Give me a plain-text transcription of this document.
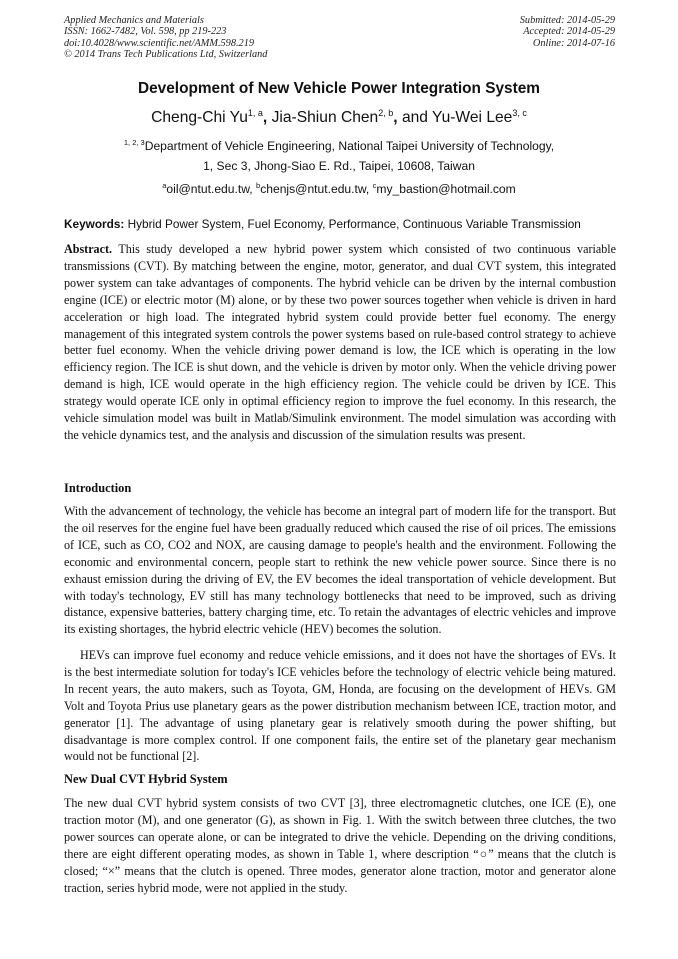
Applied Mechanics and Materials
ISSN: 1662-7482, Vol. 598, pp 219-223
doi:10.4028/www.scientific.net/AMM.598.219
© 2014 Trans Tech Publications Ltd, Switzerland
Submitted: 2014-05-29
Accepted: 2014-05-29
Online: 2014-07-16
Development of New Vehicle Power Integration System
Cheng-Chi Yu$^{1, a}$, Jia-Shiun Chen$^{2, b}$, and Yu-Wei Lee$^{3, c}$
$^{1, 2, 3}$Department of Vehicle Engineering, National Taipei University of Technology,
1, Sec 3, Jhong-Siao E. Rd., Taipei, 10608, Taiwan
$^a$oil@ntut.edu.tw, $^b$chenjs@ntut.edu.tw, $^c$my_bastion@hotmail.com
Keywords: Hybrid Power System, Fuel Economy, Performance, Continuous Variable Transmission

Abstract. This study developed a new hybrid power system which consisted of two continuous variable transmissions (CVT). By matching between the engine, motor, generator, and dual CVT system, this integrated power system can take advantages of components. The hybrid vehicle can be driven by the internal combustion engine (ICE) or electric motor (M) alone, or by these two power sources together when vehicle is driven in hard acceleration or high load. The integrated hybrid system could provide better fuel economy. The energy management of this integrated system controls the power systems based on rule-based control strategy to achieve better fuel economy. When the vehicle driving power demand is low, the ICE which is operating in the low efficiency region. The ICE is shut down, and the vehicle is driven by motor only. When the vehicle driving power demand is high, ICE would operate in the high efficiency region. The vehicle could be driven by ICE. This strategy would operate ICE only in optimal efficiency region to improve the fuel economy. In this research, the vehicle simulation model was built in Matlab/Simulink environment. The model simulation was according with the vehicle dynamics test, and the analysis and discussion of the simulation results was present.

Introduction

With the advancement of technology, the vehicle has become an integral part of modern life for the transport. But the oil reserves for the engine fuel have been gradually reduced which caused the rise of oil prices. The emissions of ICE, such as CO, CO2 and NOX, are causing damage to people's health and the environment. Following the economic and environmental concern, people start to rethink the new vehicle power source. Since there is no exhaust emission during the driving of EV, the EV becomes the ideal transportation of vehicle development. But with today's technology, EV still has many technology bottlenecks that need to be improved, such as driving distance, expensive batteries, battery charging time, etc. To retain the advantages of electric vehicles and improve its existing shortages, the hybrid electric vehicle (HEV) becomes the solution.

HEVs can improve fuel economy and reduce vehicle emissions, and it does not have the shortages of EVs. It is the best intermediate solution for today's ICE vehicles before the technology of electric vehicle being matured. In recent years, the auto makers, such as Toyota, GM, Honda, are focusing on the development of HEVs. GM Volt and Toyota Prius use planetary gears as the power distribution mechanism between ICE, traction motor, and generator [1]. The advantage of using planetary gear is relatively smooth during the power shifting, but disadvantage is more complex control. If one component fails, the entire set of the planetary gear mechanism would not be functional [2].

New Dual CVT Hybrid System

The new dual CVT hybrid system consists of two CVT [3], three electromagnetic clutches, one ICE (E), one traction motor (M), and one generator (G), as shown in Fig. 1. With the switch between three clutches, the two power sources can operate alone, or can be integrated to drive the vehicle. Depending on the driving conditions, there are eight different operating modes, as shown in Table 1, where description “○” means that the clutch is closed; “×” means that the clutch is opened. Three modes, generator alone traction, motor and generator alone traction, series hybrid mode, were not applied in the study.
